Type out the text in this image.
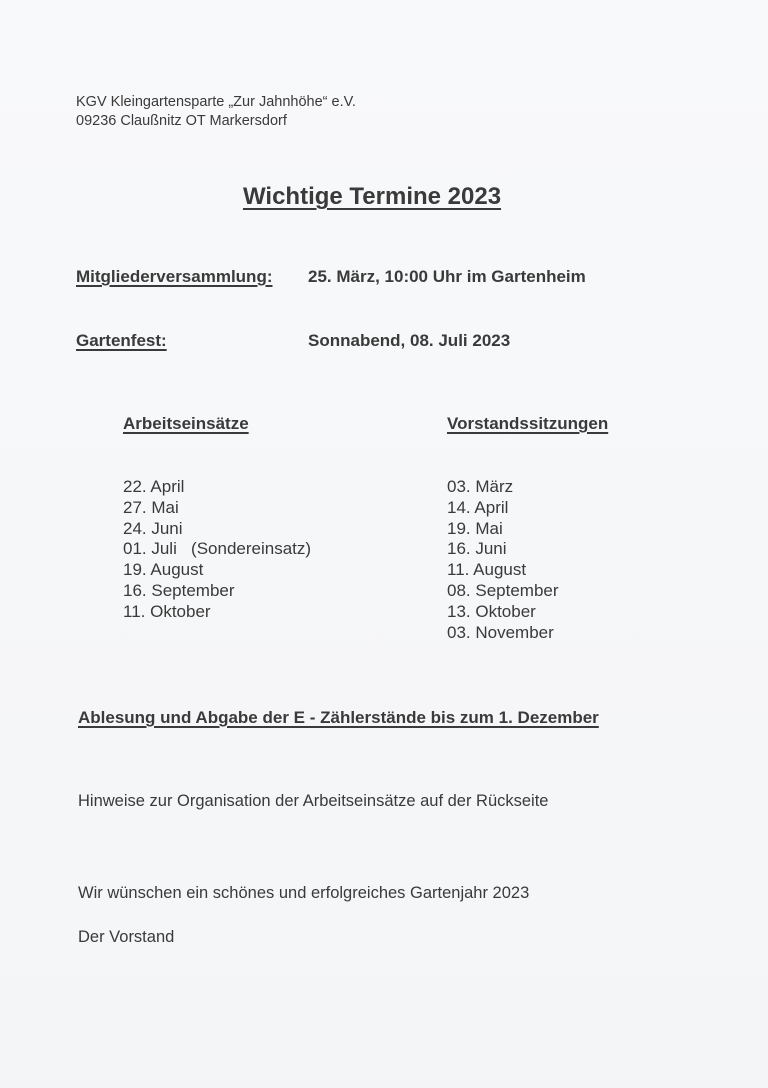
KGV Kleingartensparte „Zur Jahnhöhe“ e.V.
09236 Claußnitz OT Markersdorf
Wichtige Termine 2023
Mitgliederversammlung: 25. März, 10:00 Uhr im Gartenheim
Gartenfest:	Sonnabend, 08. Juli 2023
Arbeitseinsätze	Vorstandssitzungen
22. April
27. Mai
24. Juni
01. Juli   (Sondereinsatz)
19. August
16. September
11. Oktober
03. März
14. April
19. Mai
16. Juni
11. August
08. September
13. Oktober
03. November
Ablesung und Abgabe der E - Zählerstände bis zum 1. Dezember
Hinweise zur Organisation der Arbeitseinsätze auf der Rückseite
Wir wünschen ein schönes und erfolgreiches Gartenjahr 2023
Der Vorstand
